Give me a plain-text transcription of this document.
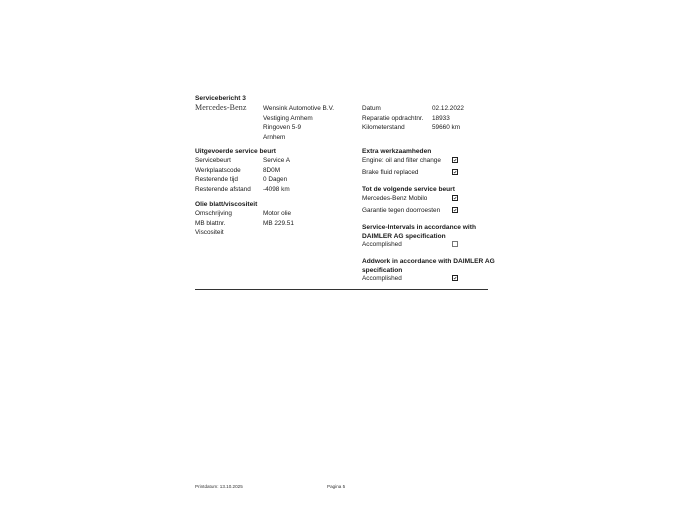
Servicebericht 3
Mercedes-Benz	Wensink Automotive B.V.
Vestiging Arnhem
Ringoven 5-9
Arnhem
Datum	02.12.2022
Reparatie opdrachtnr. 18933
Kilometerstand	59660 km
Uitgevoerde service beurt
Servicebeurt	Service A
Werkplaatscode	8D0M
Resterende tijd	0 Dagen
Resterende afstand -4098 km
Olie blatt/viscositeit
Omschrijving	Motor olie
MB blattnr.	MB 229.51
Viscositeit
Extra werkzaamheden
Engine: oil and filter change
Brake fluid replaced
Tot de volgende service beurt
Mercedes-Benz Mobilo
Garantie tegen doorroesten
Service-Intervals in accordance with
DAIMLER AG specification
Accomplished
Addwork in accordance with DAIMLER AG
specification
Accomplished
Printdatum: 13.10.2025	Pagina 5
